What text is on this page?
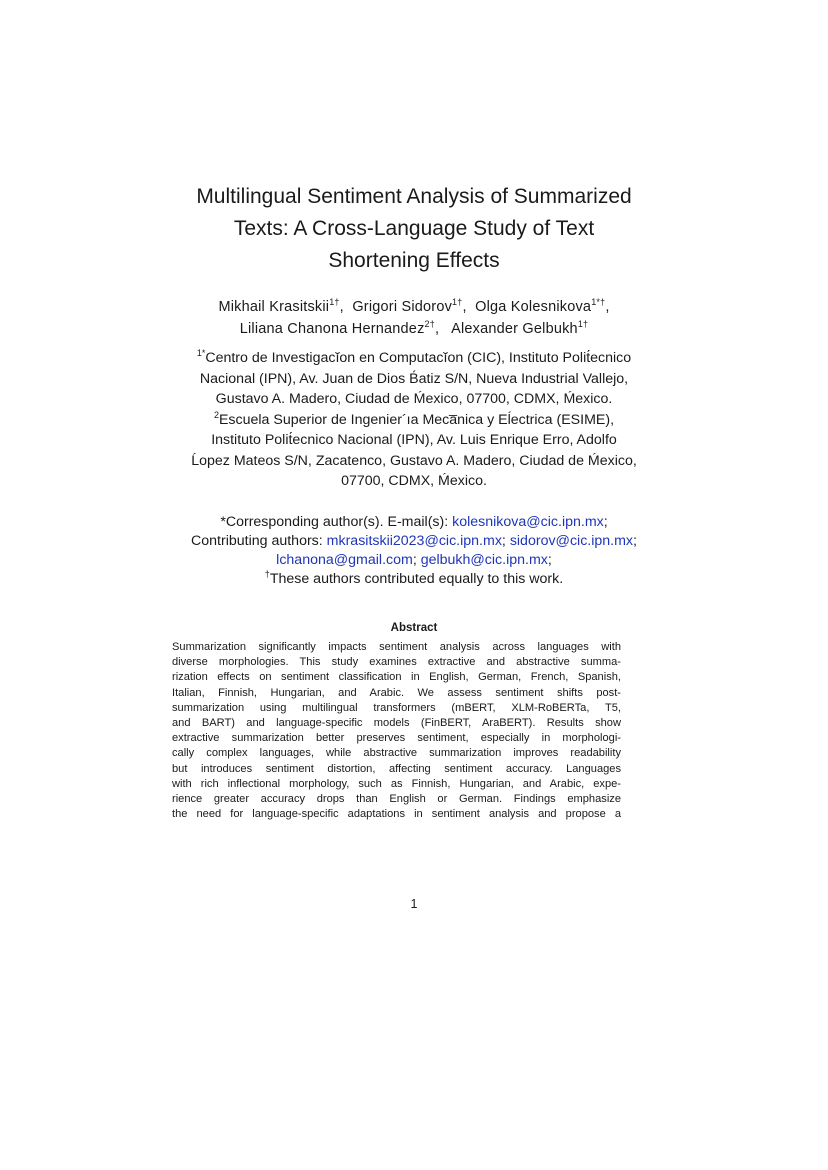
Multilingual Sentiment Analysis of Summarized
Texts: A Cross-Language Study of Text
Shortening Effects
Mikhail Krasitskii$^{1\dagger}$,  Grigori Sidorov$^{1\dagger}$,  Olga Kolesnikova$^{1*\dagger}$,
Liliana Chanona Hernandez$^{2\dagger}$,   Alexander Gelbukh$^{1\dagger}$
$^{1*}$Centro de Investigacĭon en Computacĭon (CIC), Instituto Polit́ecnico
Nacional (IPN), Av. Juan de Dios B́atiz S/N, Nueva Industrial Vallejo,
Gustavo A. Madero, Ciudad de Ḿexico, 07700, CDMX, Ḿexico.
$^2$Escuela Superior de Ingenier´ıa Meca̅nica y Eĺectrica (ESIME),
Instituto Polit́ecnico Nacional (IPN), Av. Luis Enrique Erro, Adolfo
Ĺopez Mateos S/N, Zacatenco, Gustavo A. Madero, Ciudad de Ḿexico,
07700, CDMX, Ḿexico.
*Corresponding author(s). E-mail(s): kolesnikova@cic.ipn.mx;
Contributing authors: mkrasitskii2023@cic.ipn.mx; sidorov@cic.ipn.mx;
lchanona@gmail.com; gelbukh@cic.ipn.mx;
†These authors contributed equally to this work.
Abstract
Summarization significantly impacts sentiment analysis across languages with
diverse morphologies. This study examines extractive and abstractive summa-
rization effects on sentiment classification in English, German, French, Spanish,
Italian, Finnish, Hungarian, and Arabic. We assess sentiment shifts post-
summarization using multilingual transformers (mBERT, XLM-RoBERTa, T5,
and BART) and language-specific models (FinBERT, AraBERT). Results show
extractive summarization better preserves sentiment, especially in morphologi-
cally complex languages, while abstractive summarization improves readability
but introduces sentiment distortion, affecting sentiment accuracy. Languages
with rich inflectional morphology, such as Finnish, Hungarian, and Arabic, expe-
rience greater accuracy drops than English or German. Findings emphasize
the need for language-specific adaptations in sentiment analysis and propose a
1
